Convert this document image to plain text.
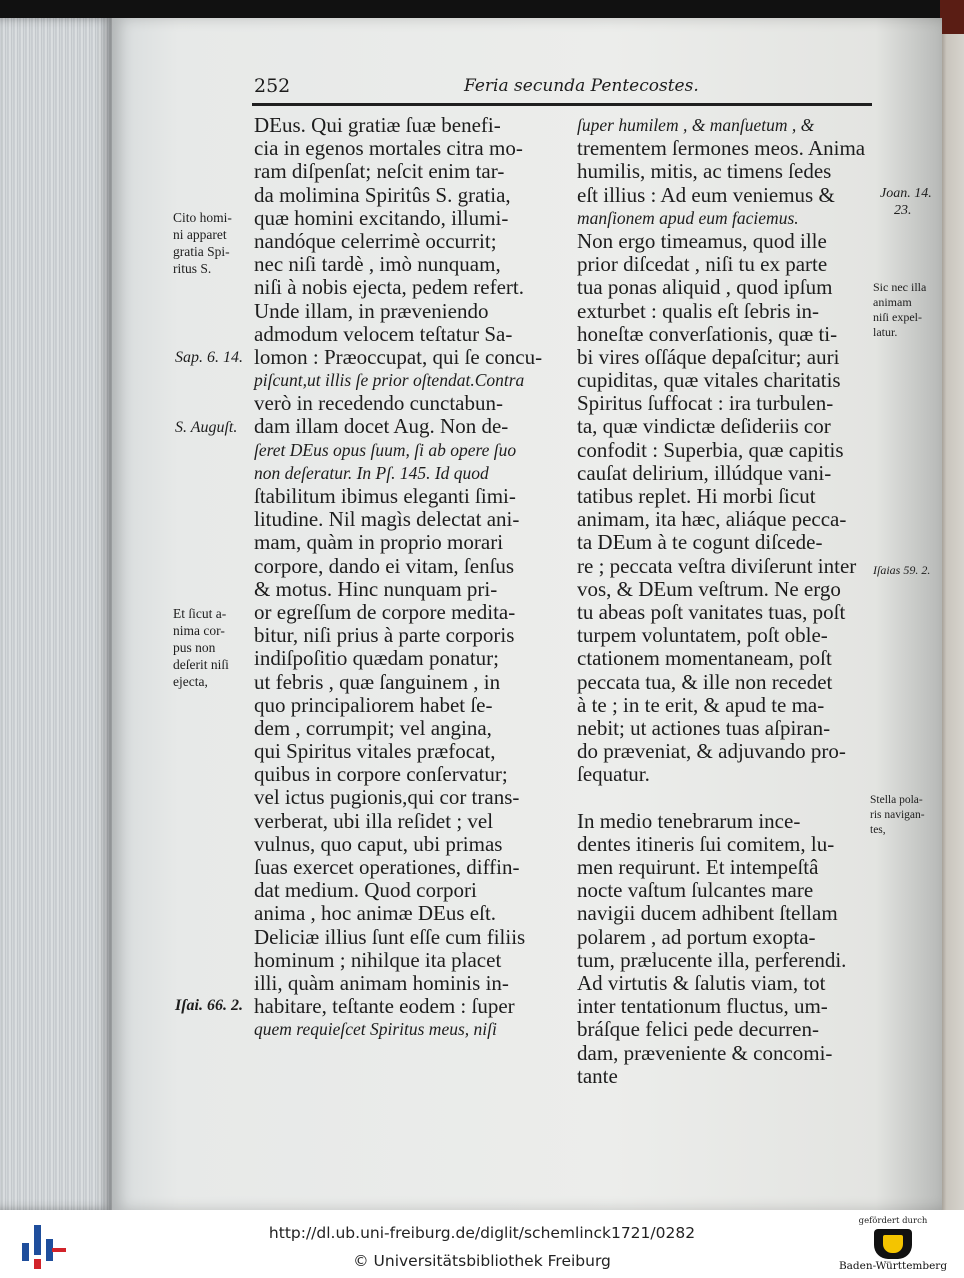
252	Feria secunda Pentecostes.
DEus. Qui gratiæ ſuæ benefi-
cia in egenos mortales citra mo-
ram diſpenſat; neſcit enim tar-
da molimina Spiritûs S. gratia,
quæ homini excitando, illumi-
nandóque celerrimè occurrit;
nec niſi tardè , imò nunquam,
niſi à nobis ejecta, pedem refert.
Unde illam, in præveniendo
admodum velocem teſtatur Sa-
lomon : Præoccupat, qui ſe concu-
piſcunt,ut illis ſe prior oſtendat.Contra
verò in recedendo cunctabun-
dam illam docet Aug. Non de-
ſeret DEus opus ſuum, ſi ab opere ſuo
non deſeratur. In Pſ. 145. Id quod
ſtabilitum ibimus eleganti ſimi-
litudine. Nil magìs delectat ani-
mam, quàm in proprio morari
corpore, dando ei vitam, ſenſus
& motus. Hinc nunquam pri-
or egreſſum de corpore medita-
bitur, niſi prius à parte corporis
indiſpoſitio quædam ponatur;
ut febris , quæ ſanguinem , in
quo principaliorem habet ſe-
dem , corrumpit; vel angina,
qui Spiritus vitales præfocat,
quibus in corpore conſervatur;
vel ictus pugionis,qui cor trans-
verberat, ubi illa reſidet ; vel
vulnus, quo caput, ubi primas
ſuas exercet operationes, diffin-
dat medium. Quod corpori
anima , hoc animæ DEus eſt.
Deliciæ illius ſunt eſſe cum filiis
hominum ; nihilque ita placet
illi, quàm animam hominis in-
habitare, teſtante eodem : ſuper
quem requieſcet Spiritus meus, niſi
ſuper humilem , & manſuetum , &
trementem ſermones meos. Anima
humilis, mitis, ac timens ſedes
eſt illius : Ad eum veniemus &
manſionem apud eum faciemus.
Non ergo timeamus, quod ille
prior diſcedat , niſi tu ex parte
tua ponas aliquid , quod ipſum
exturbet : qualis eſt ſebris in-
honeſtæ converſationis, quæ ti-
bi vires oſſáque depaſcitur; auri
cupiditas, quæ vitales charitatis
Spiritus ſuffocat : ira turbulen-
ta, quæ vindictæ deſideriis cor
confodit : Superbia, quæ capitis
cauſat delirium, illúdque vani-
tatibus replet. Hi morbi ſicut
animam, ita hæc, aliáque pecca-
ta DEum à te cogunt diſcede-
re ; peccata veſtra diviſerunt inter
vos, & DEum veſtrum. Ne ergo
tu abeas poſt vanitates tuas, poſt
turpem voluntatem, poſt oble-
ctationem momentaneam, poſt
peccata tua, & ille non recedet
à te ; in te erit, & apud te ma-
nebit; ut actiones tuas aſpiran-
do præveniat, & adjuvando pro-
ſequatur.
In medio tenebrarum ince-
dentes itineris ſui comitem, lu-
men requirunt. Et intempeſtâ
nocte vaſtum ſulcantes mare
navigii ducem adhibent ſtellam
polarem , ad portum exopta-
tum, prælucente illa, perferendi.
Ad virtutis & ſalutis viam, tot
inter tentationum fluctus, um-
bráſque felici pede decurren-
dam, præveniente & concomi-
tante
Cito homi-
ni apparet
gratia Spi-
ritus S.
Sap. 6. 14.
S. Auguſt.
Et ſicut a-
nima cor-
pus non
deſerit niſi
ejecta,
Iſai. 66. 2.
Joan. 14.
23.
Sic nec illa
animam
niſi expel-
latur.
Iſaias 59. 2.
Stella pola-
ris navigan-
tes,
http://dl.ub.uni-freiburg.de/diglit/schemlinck1721/0282
© Universitätsbibliothek Freiburg
gefördert durch
Baden-Württemberg
